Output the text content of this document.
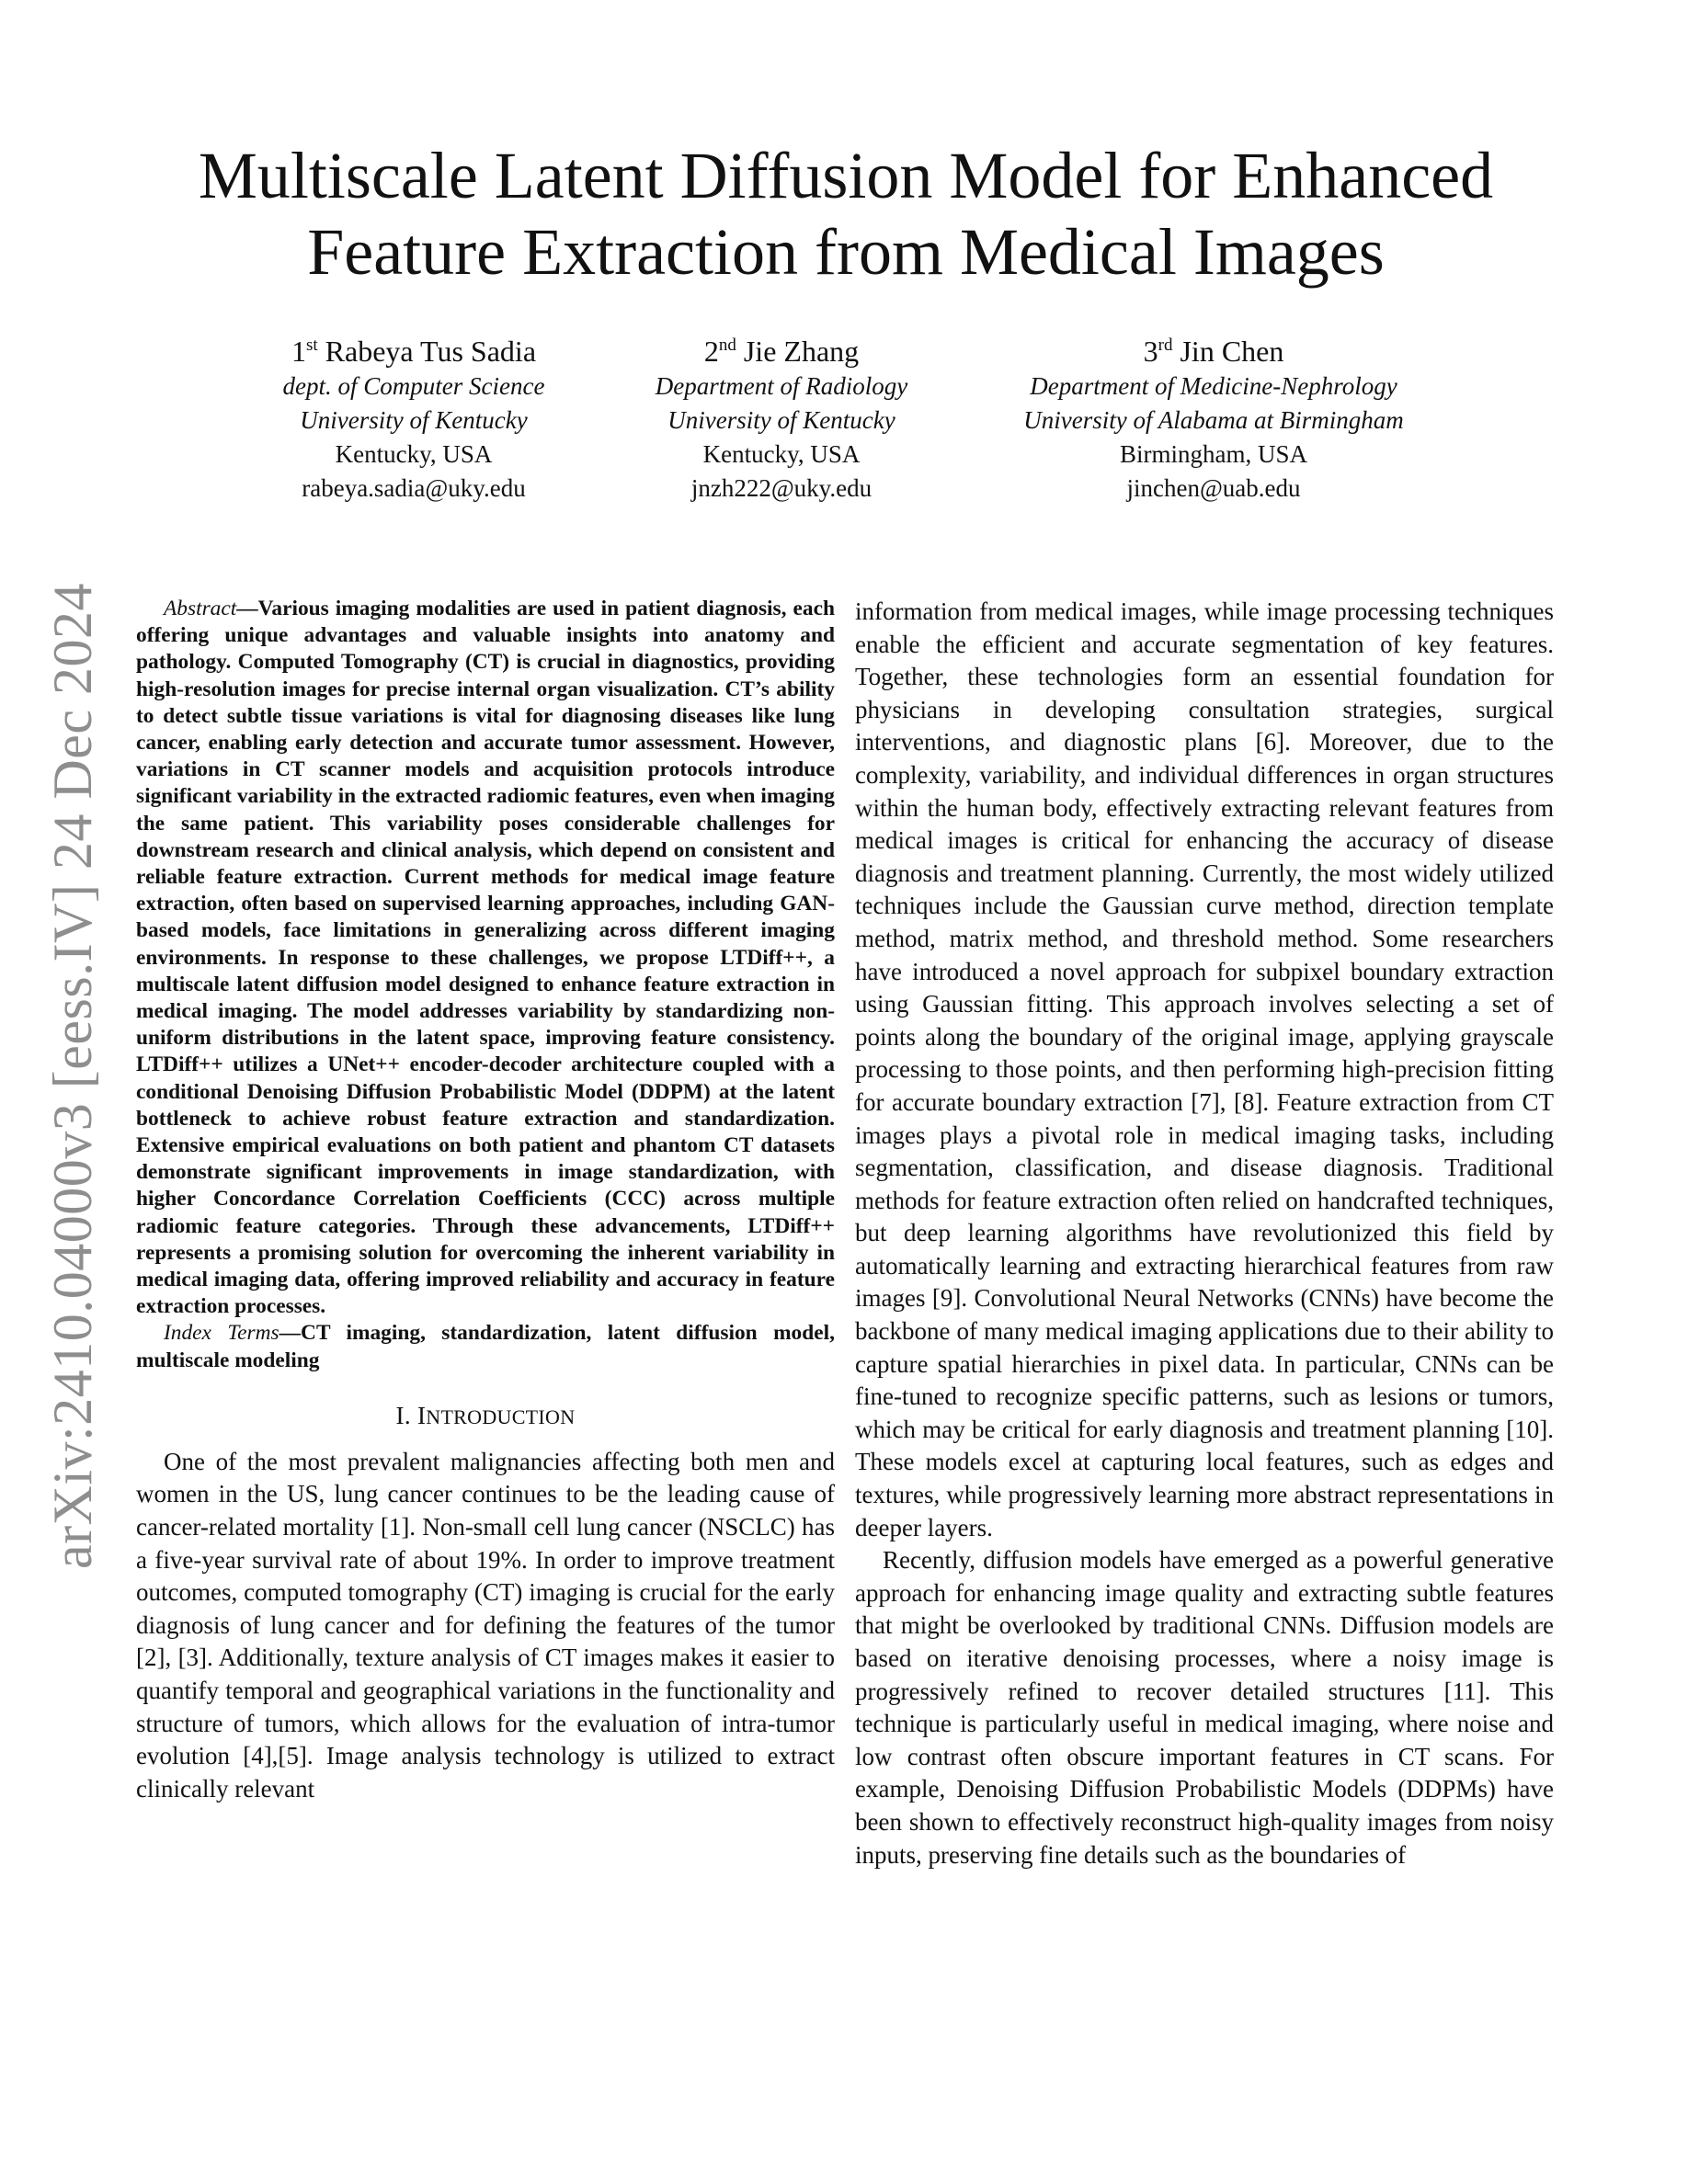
arXiv:2410.04000v3 [eess.IV] 24 Dec 2024
Multiscale Latent Diffusion Model for Enhanced
Feature Extraction from Medical Images
1st Rabeya Tus Sadia
dept. of Computer Science
University of Kentucky
Kentucky, USA
rabeya.sadia@uky.edu
2nd Jie Zhang
Department of Radiology
University of Kentucky
Kentucky, USA
jnzh222@uky.edu
3rd Jin Chen
Department of Medicine-Nephrology
University of Alabama at Birmingham
Birmingham, USA
jinchen@uab.edu

Abstract—Various imaging modalities are used in patient diagnosis, each offering unique advantages and valuable insights into anatomy and pathology. Computed Tomography (CT) is crucial in diagnostics, providing high-resolution images for precise internal organ visualization. CT’s ability to detect subtle tissue variations is vital for diagnosing diseases like lung cancer, enabling early detection and accurate tumor assessment. However, variations in CT scanner models and acquisition protocols introduce significant variability in the extracted radiomic features, even when imaging the same patient. This variability poses considerable challenges for downstream research and clinical analysis, which depend on consistent and reliable feature extraction. Current methods for medical image feature extraction, often based on supervised learning approaches, including GAN-based models, face limitations in generalizing across different imaging environments. In response to these challenges, we propose LTDiff++, a multiscale latent diffusion model designed to enhance feature extraction in medical imaging. The model addresses variability by standardizing non-uniform distributions in the latent space, improving feature consistency. LTDiff++ utilizes a UNet++ encoder-decoder architecture coupled with a conditional Denoising Diffusion Probabilistic Model (DDPM) at the latent bottleneck to achieve robust feature extraction and standardization. Extensive empirical evaluations on both patient and phantom CT datasets demonstrate significant improvements in image standardization, with higher Concordance Correlation Coefficients (CCC) across multiple radiomic feature categories. Through these advancements, LTDiff++ represents a promising solution for overcoming the inherent variability in medical imaging data, offering improved reliability and accuracy in feature extraction processes.

Index Terms—CT imaging, standardization, latent diffusion model, multiscale modeling

I. INTRODUCTION

One of the most prevalent malignancies affecting both men and women in the US, lung cancer continues to be the leading cause of cancer-related mortality [1]. Non-small cell lung cancer (NSCLC) has a five-year survival rate of about 19%. In order to improve treatment outcomes, computed tomography (CT) imaging is crucial for the early diagnosis of lung cancer and for defining the features of the tumor [2], [3]. Additionally, texture analysis of CT images makes it easier to quantify temporal and geographical variations in the functionality and structure of tumors, which allows for the evaluation of intra-tumor evolution [4],[5]. Image analysis technology is utilized to extract clinically relevant

information from medical images, while image processing techniques enable the efficient and accurate segmentation of key features. Together, these technologies form an essential foundation for physicians in developing consultation strategies, surgical interventions, and diagnostic plans [6]. Moreover, due to the complexity, variability, and individual differences in organ structures within the human body, effectively extracting relevant features from medical images is critical for enhancing the accuracy of disease diagnosis and treatment planning. Currently, the most widely utilized techniques include the Gaussian curve method, direction template method, matrix method, and threshold method. Some researchers have introduced a novel approach for subpixel boundary extraction using Gaussian fitting. This approach involves selecting a set of points along the boundary of the original image, applying grayscale processing to those points, and then performing high-precision fitting for accurate boundary extraction [7], [8]. Feature extraction from CT images plays a pivotal role in medical imaging tasks, including segmentation, classification, and disease diagnosis. Traditional methods for feature extraction often relied on handcrafted techniques, but deep learning algorithms have revolutionized this field by automatically learning and extracting hierarchical features from raw images [9]. Convolutional Neural Networks (CNNs) have become the backbone of many medical imaging applications due to their ability to capture spatial hierarchies in pixel data. In particular, CNNs can be fine-tuned to recognize specific patterns, such as lesions or tumors, which may be critical for early diagnosis and treatment planning [10]. These models excel at capturing local features, such as edges and textures, while progressively learning more abstract representations in deeper layers.

Recently, diffusion models have emerged as a powerful generative approach for enhancing image quality and extracting subtle features that might be overlooked by traditional CNNs. Diffusion models are based on iterative denoising processes, where a noisy image is progressively refined to recover detailed structures [11]. This technique is particularly useful in medical imaging, where noise and low contrast often obscure important features in CT scans. For example, Denoising Diffusion Probabilistic Models (DDPMs) have been shown to effectively reconstruct high-quality images from noisy inputs, preserving fine details such as the boundaries of
